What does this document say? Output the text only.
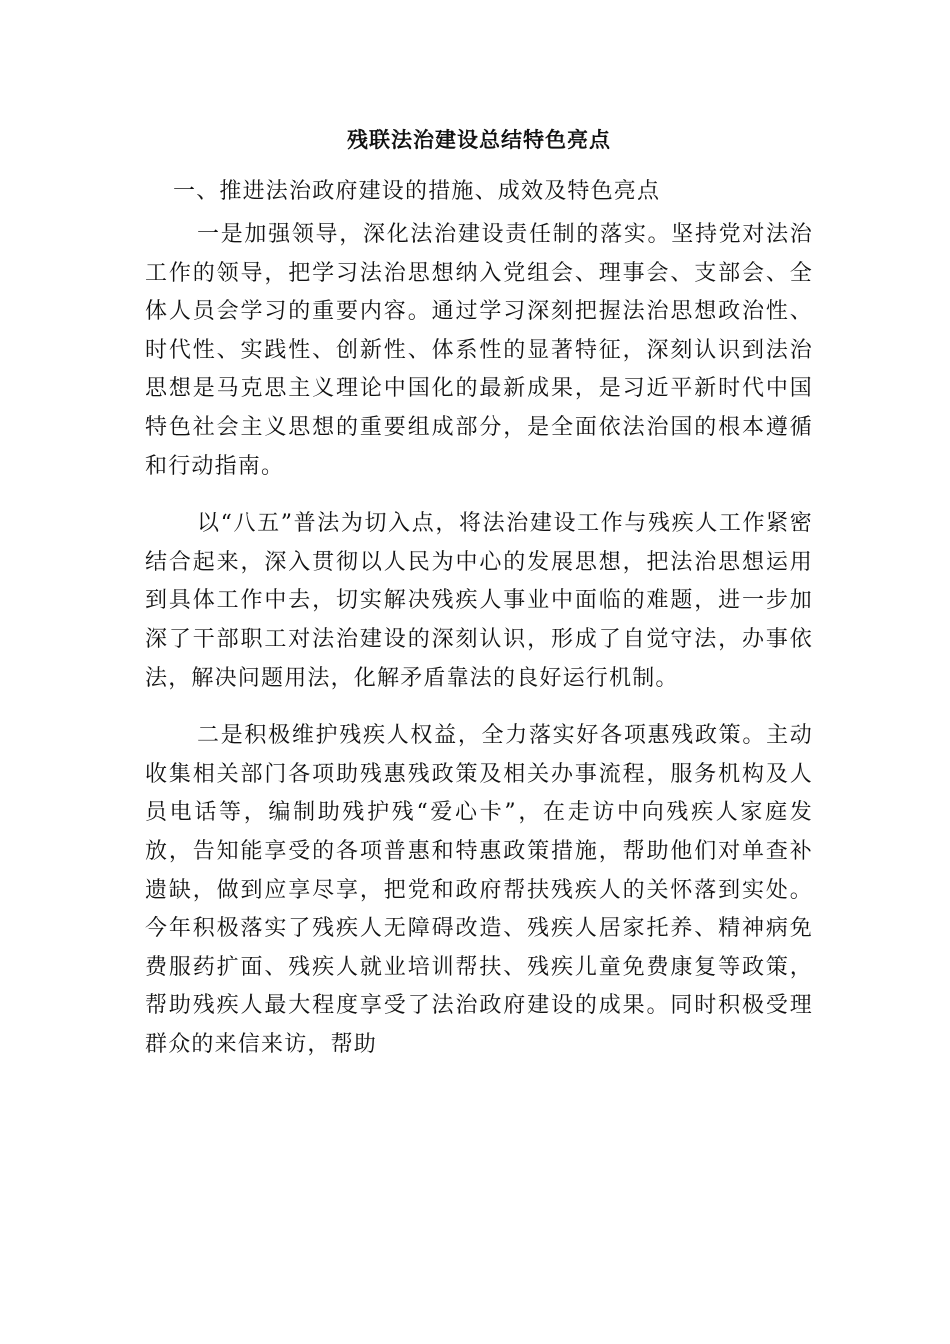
残联法治建设总结特色亮点

一、推进法治政府建设的措施、成效及特色亮点

一是加强领导，深化法治建设责任制的落实。坚持党对法治工作的领导，把学习法治思想纳入党组会、理事会、支部会、全体人员会学习的重要内容。通过学习深刻把握法治思想政治性、时代性、实践性、创新性、体系性的显著特征，深刻认识到法治思想是马克思主义理论中国化的最新成果，是习近平新时代中国特色社会主义思想的重要组成部分，是全面依法治国的根本遵循和行动指南。

以“八五”普法为切入点，将法治建设工作与残疾人工作紧密结合起来，深入贯彻以人民为中心的发展思想，把法治思想运用到具体工作中去，切实解决残疾人事业中面临的难题，进一步加深了干部职工对法治建设的深刻认识，形成了自觉守法，办事依法，解决问题用法，化解矛盾靠法的良好运行机制。

二是积极维护残疾人权益，全力落实好各项惠残政策。主动收集相关部门各项助残惠残政策及相关办事流程，服务机构及人员电话等，编制助残护残“爱心卡”，在走访中向残疾人家庭发放，告知能享受的各项普惠和特惠政策措施，帮助他们对单查补遗缺，做到应享尽享，把党和政府帮扶残疾人的关怀落到实处。今年积极落实了残疾人无障碍改造、残疾人居家托养、精神病免费服药扩面、残疾人就业培训帮扶、残疾儿童免费康复等政策，帮助残疾人最大程度享受了法治政府建设的成果。同时积极受理群众的来信来访，帮助
